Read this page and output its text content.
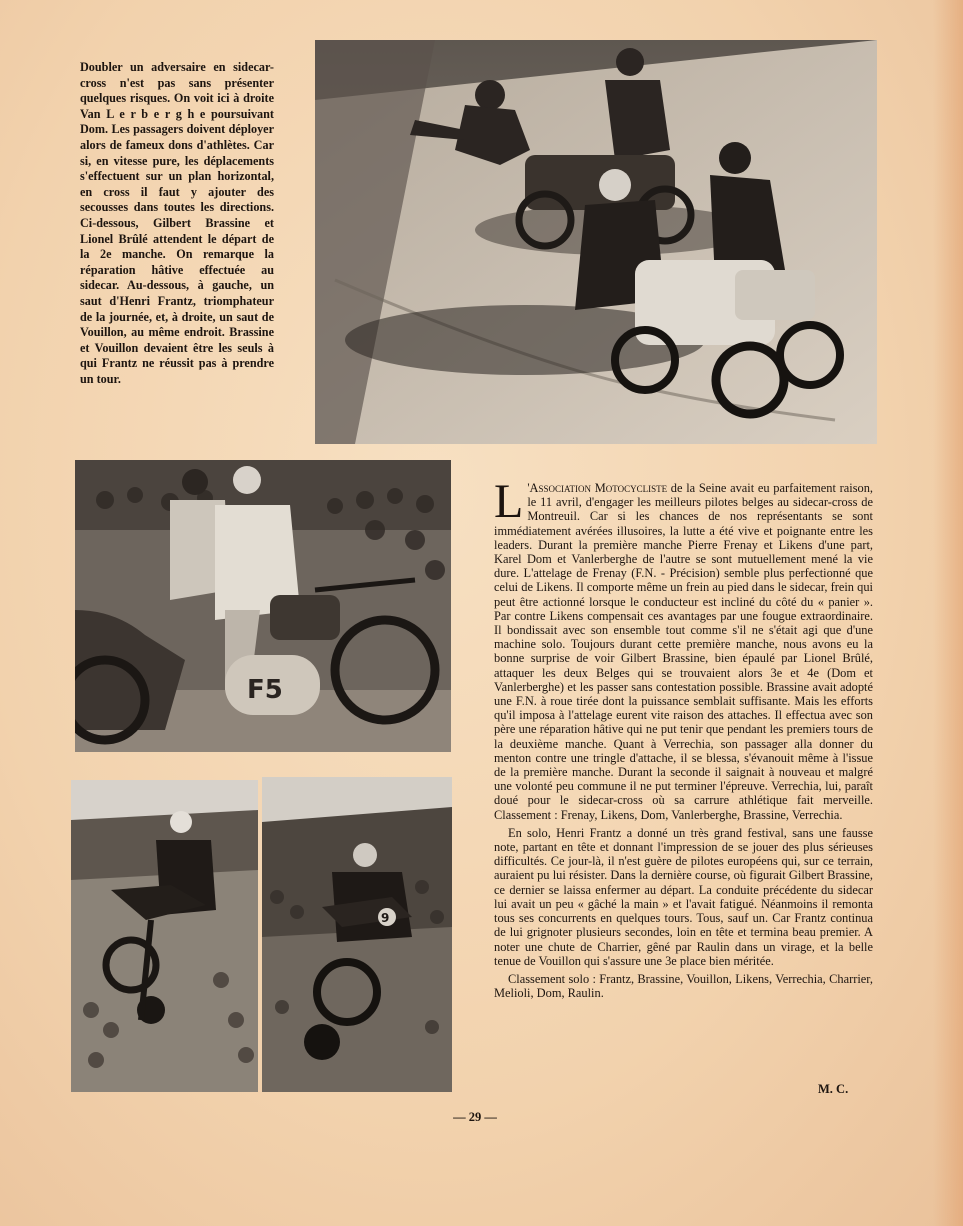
Doubler un adversaire en sidecar-cross n'est pas sans présenter quelques risques. On voit ici à droite Van L e r b e r g h e poursuivant Dom. Les passagers doivent déployer alors de fameux dons d'athlètes. Car si, en vitesse pure, les déplacements s'effectuent sur un plan horizontal, en cross il faut y ajouter des secousses dans toutes les directions. Ci-dessous, Gilbert Brassine et Lionel Brûlé attendent le départ de la 2e manche. On remarque la réparation hâtive effectuée au sidecar. Au-dessous, à gauche, un saut d'Henri Frantz, triomphateur de la journée, et, à droite, un saut de Vouillon, au même endroit. Brassine et Vouillon devaient être les seuls à qui Frantz ne réussit pas à prendre un tour.
F5
9

L 'Association Motocycliste de la Seine avait eu parfaitement raison, le 11 avril, d'engager les meilleurs pilotes belges au sidecar-cross de Montreuil. Car si les chances de nos représentants se sont immédiatement avérées illusoires, la lutte a été vive et poignante entre les leaders. Durant la première manche Pierre Frenay et Likens d'une part, Karel Dom et Vanlerberghe de l'autre se sont mutuellement mené la vie dure. L'attelage de Frenay (F.N. - Précision) semble plus perfectionné que celui de Likens. Il comporte même un frein au pied dans le sidecar, frein qui peut être actionné lorsque le conducteur est incliné du côté du « panier ». Par contre Likens compensait ces avantages par une fougue extraordinaire. Il bondissait avec son ensemble tout comme s'il ne s'était agi que d'une machine solo. Toujours durant cette première manche, nous avons eu la bonne surprise de voir Gilbert Brassine, bien épaulé par Lionel Brûlé, attaquer les deux Belges qui se trouvaient alors 3e et 4e (Dom et Vanlerberghe) et les passer sans contestation possible. Brassine avait adopté une F.N. à roue tirée dont la puissance semblait suffisante. Mais les efforts qu'il imposa à l'attelage eurent vite raison des attaches. Il effectua avec son père une réparation hâtive qui ne put tenir que pendant les premiers tours de la deuxième manche. Quant à Verrechia, son passager alla donner du menton contre une tringle d'attache, il se blessa, s'évanouit même à l'issue de la première manche. Durant la seconde il saignait à nouveau et malgré une volonté peu commune il ne put terminer l'épreuve. Verrechia, lui, paraît doué pour le sidecar-cross où sa carrure athlétique fait merveille. Classement : Frenay, Likens, Dom, Vanlerberghe, Brassine, Verrechia.

En solo, Henri Frantz a donné un très grand festival, sans une fausse note, partant en tête et donnant l'impression de se jouer des plus sérieuses difficultés. Ce jour-là, il n'est guère de pilotes européens qui, sur ce terrain, auraient pu lui résister. Dans la dernière course, où figurait Gilbert Brassine, ce dernier se laissa enfermer au départ. La conduite précédente du sidecar lui avait un peu « gâché la main » et l'avait fatigué. Néanmoins il remonta tous ses concurrents en quelques tours. Tous, sauf un. Car Frantz continua de lui grignoter plusieurs secondes, loin en tête et termina beau premier. A noter une chute de Charrier, gêné par Raulin dans un virage, et la belle tenue de Vouillon qui s'assure une 3e place bien méritée.

Classement solo : Frantz, Brassine, Vouillon, Likens, Verrechia, Charrier, Melioli, Dom, Raulin.

M. C.
— 29 —
